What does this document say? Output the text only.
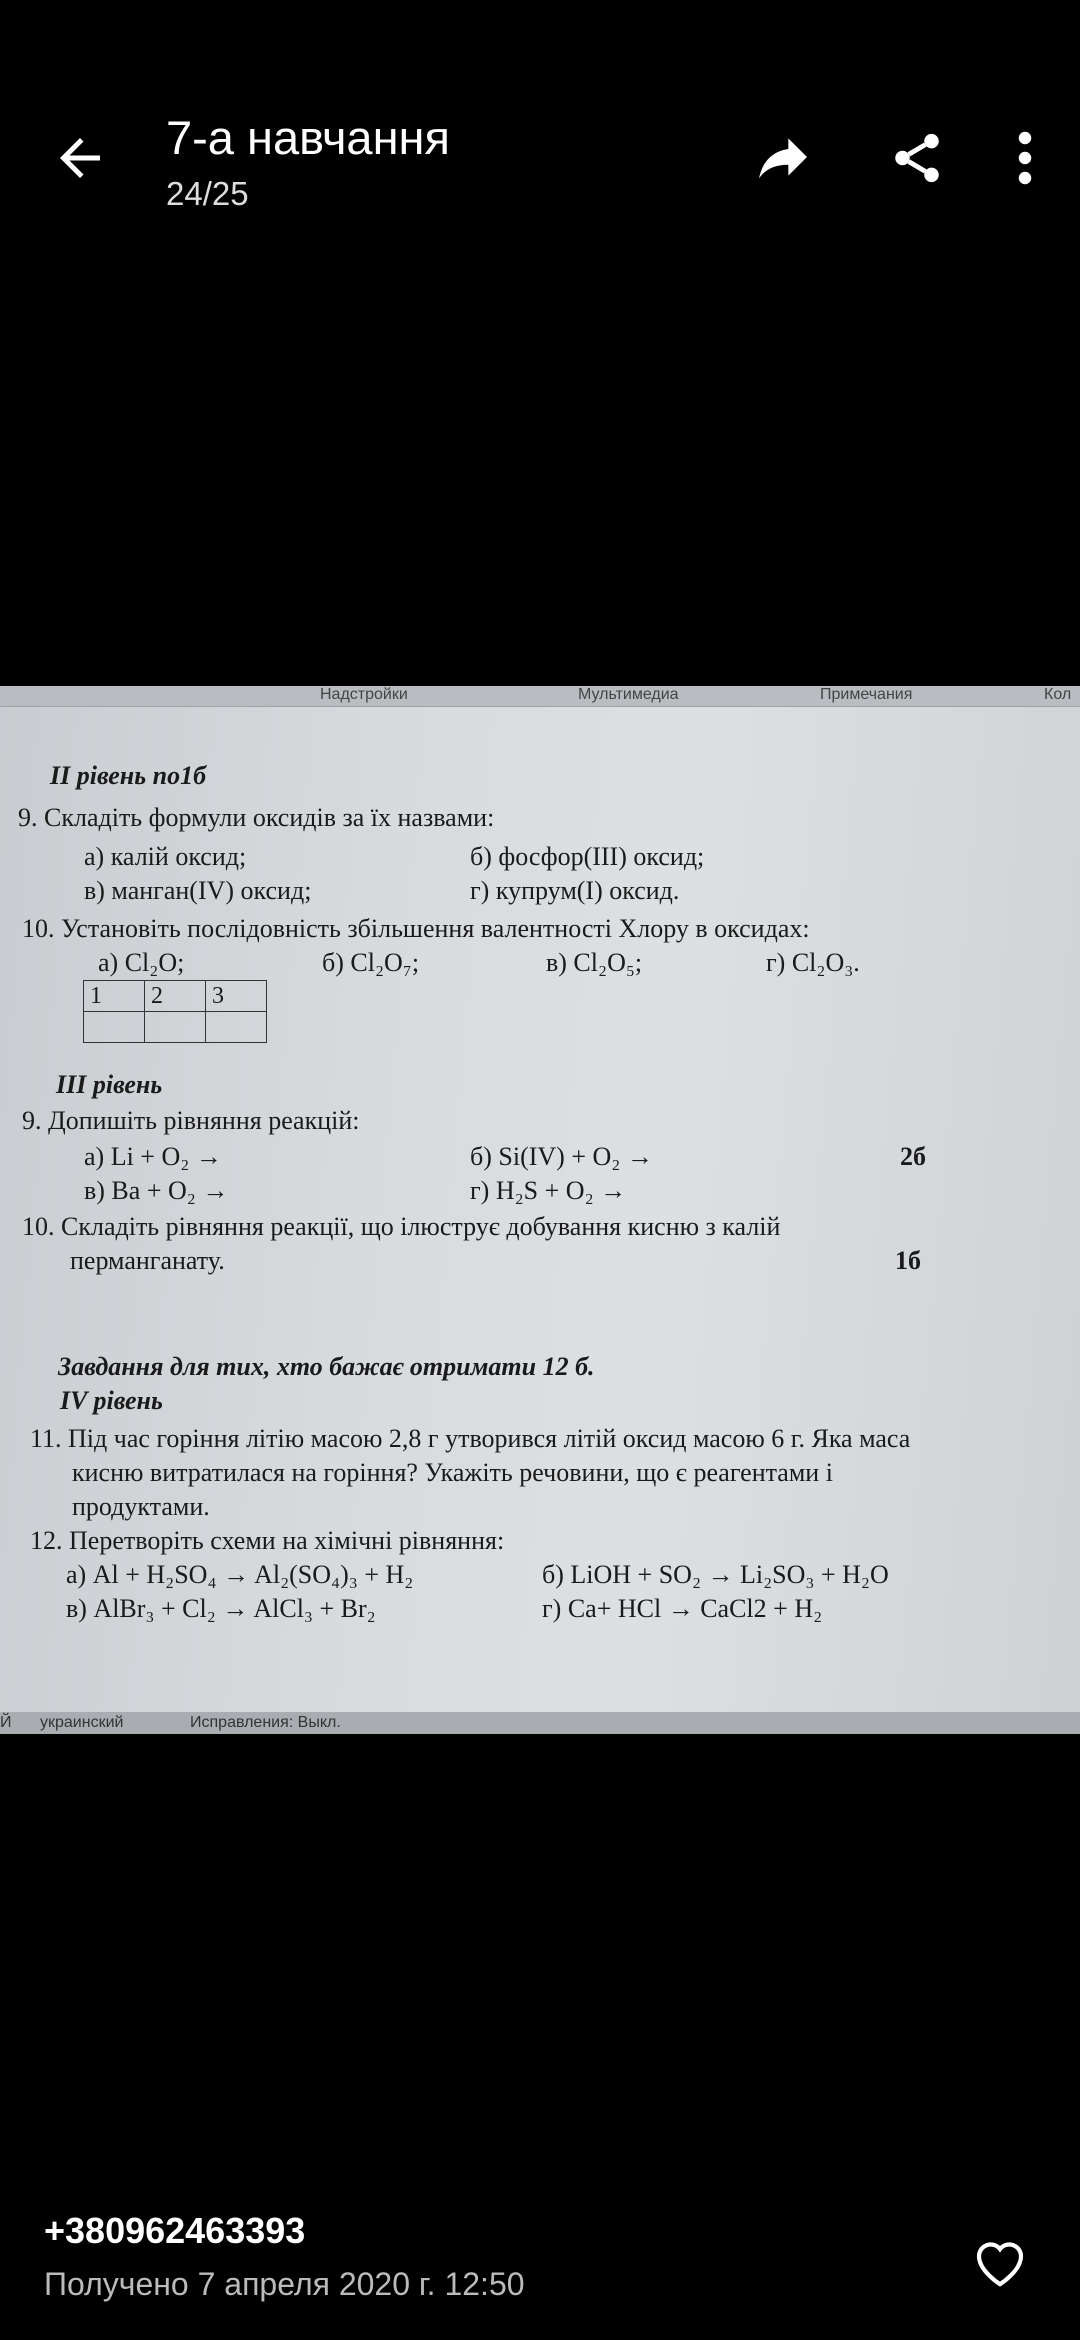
7-а навчання
24/25
Надстройки	Мультимедиа	Примечания	Кол
II рівень по1б
9. Складіть формули оксидів за їх назвами:
а) калій оксид;	б) фосфор(ІІІ) оксид;
в) манган(IV) оксид;	г) купрум(І) оксид.
10. Установіть послідовність збільшення валентності Хлору в оксидах:
а) Cl₂O;	б) Cl₂O₇;	в) Cl₂O₅;	г) Cl₂O₃.
1	2	3

III рівень
9. Допишіть рівняння реакцій:
а) Li + O₂ →	б) Si(IV) + O₂ →	2б
в) Ba + O₂ →	г) H₂S + O₂ →
10. Складіть рівняння реакції, що ілюструє добування кисню з калій
перманганату.	1б
Завдання для тих, хто бажає отримати 12 б.
IV рівень
11. Під час горіння літію масою 2,8 г утворився літій оксид масою 6 г. Яка маса
кисню витратилася на горіння? Укажіть речовини, що є реагентами і
продуктами.
12. Перетворіть схеми на хімічні рівняння:
а) Al + H₂SO₄ → Al₂(SO₄)₃ + H₂	б) LiOH + SO₂ → Li₂SO₃ + H₂O
в) AlBr₃ + Cl₂ → AlCl₃ + Br₂	г) Ca+ HCl → CaCl2 + H₂
Й украинский	Исправления: Выкл.
+380962463393
Получено 7 апреля 2020 г. 12:50
